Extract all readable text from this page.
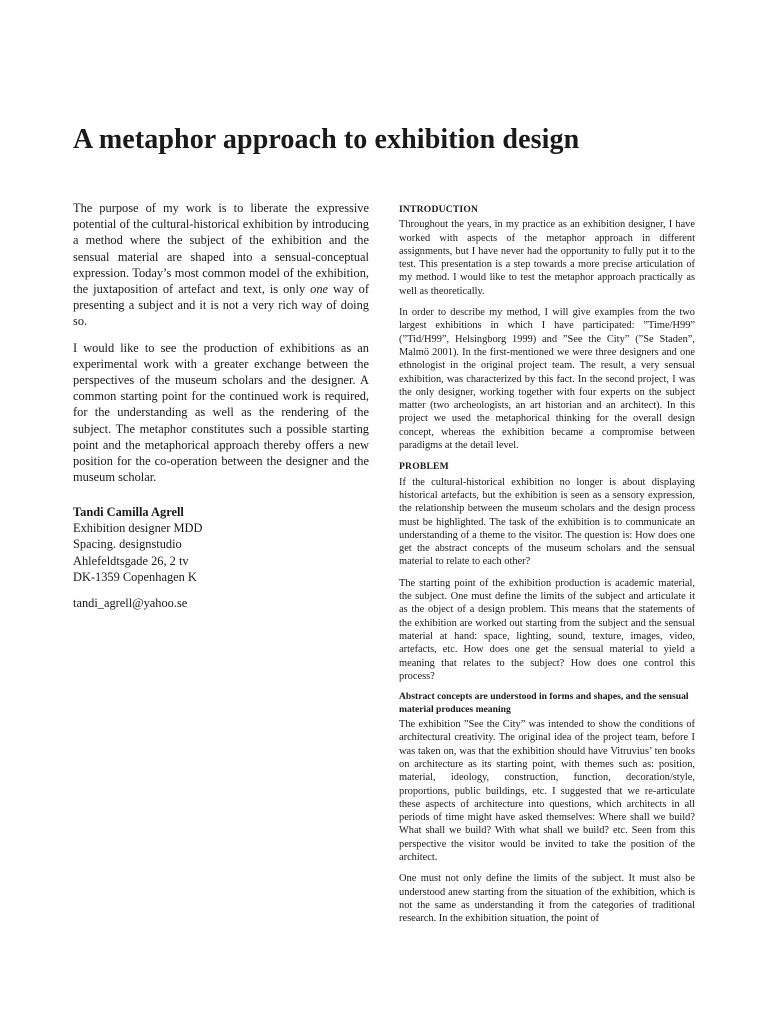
A metaphor approach to exhibition design

The purpose of my work is to liberate the expressive potential of the cultural-historical exhibition by introducing a method where the subject of the exhibition and the sensual material are shaped into a sensual-conceptual expression. Today’s most common model of the exhibition, the juxtaposition of artefact and text, is only one way of presenting a subject and it is not a very rich way of doing so.

I would like to see the production of exhibitions as an experimental work with a greater exchange between the perspectives of the museum scholars and the designer. A common starting point for the continued work is required, for the understanding as well as the rendering of the subject. The metaphor constitutes such a possible starting point and the metaphorical approach thereby offers a new position for the co-operation between the designer and the museum scholar.

Tandi Camilla Agrell
Exhibition designer MDD
Spacing. designstudio
Ahlefeldtsgade 26, 2 tv
DK-1359 Copenhagen K
tandi_agrell@yahoo.se
INTRODUCTION

Throughout the years, in my practice as an exhibition designer, I have worked with aspects of the metaphor approach in different assignments, but I have never had the opportunity to fully put it to the test. This presentation is a step towards a more precise articulation of my method. I would like to test the metaphor approach practically as well as theoretically.

In order to describe my method, I will give examples from the two largest exhibitions in which I have participated: ”Time/H99” (”Tid/H99”, Helsingborg 1999) and ”See the City” (”Se Staden”, Malmö 2001). In the first-mentioned we were three designers and one ethnologist in the original project team. The result, a very sensual exhibition, was characterized by this fact. In the second project, I was the only designer, working together with four experts on the subject matter (two archeologists, an art historian and an architect). In this project we used the metaphorical thinking for the overall design concept, whereas the exhibition became a compromise between paradigms at the detail level.

PROBLEM

If the cultural-historical exhibition no longer is about displaying historical artefacts, but the exhibition is seen as a sensory expression, the relationship between the museum scholars and the design process must be highlighted. The task of the exhibition is to communicate an understanding of a theme to the visitor. The question is: How does one get the abstract concepts of the museum scholars and the sensual material to relate to each other?

The starting point of the exhibition production is academic material, the subject. One must define the limits of the subject and articulate it as the object of a design problem. This means that the statements of the exhibition are worked out starting from the subject and the sensual material at hand: space, lighting, sound, texture, images, video, artefacts, etc. How does one get the sensual material to yield a meaning that relates to the subject? How does one control this process?

Abstract concepts are understood in forms and shapes, and the sensual material produces meaning

The exhibition ”See the City” was intended to show the conditions of architectural creativity. The original idea of the project team, before I was taken on, was that the exhibition should have Vitruvius’ ten books on architecture as its starting point, with themes such as: position, material, ideology, construction, function, decoration/style, proportions, public buildings, etc. I suggested that we re-articulate these aspects of architecture into questions, which architects in all periods of time might have asked themselves: Where shall we build? What shall we build? With what shall we build? etc. Seen from this perspective the visitor would be invited to take the position of the architect.

One must not only define the limits of the subject. It must also be understood anew starting from the situation of the exhibition, which is not the same as understanding it from the categories of traditional research. In the exhibition situation, the point of
